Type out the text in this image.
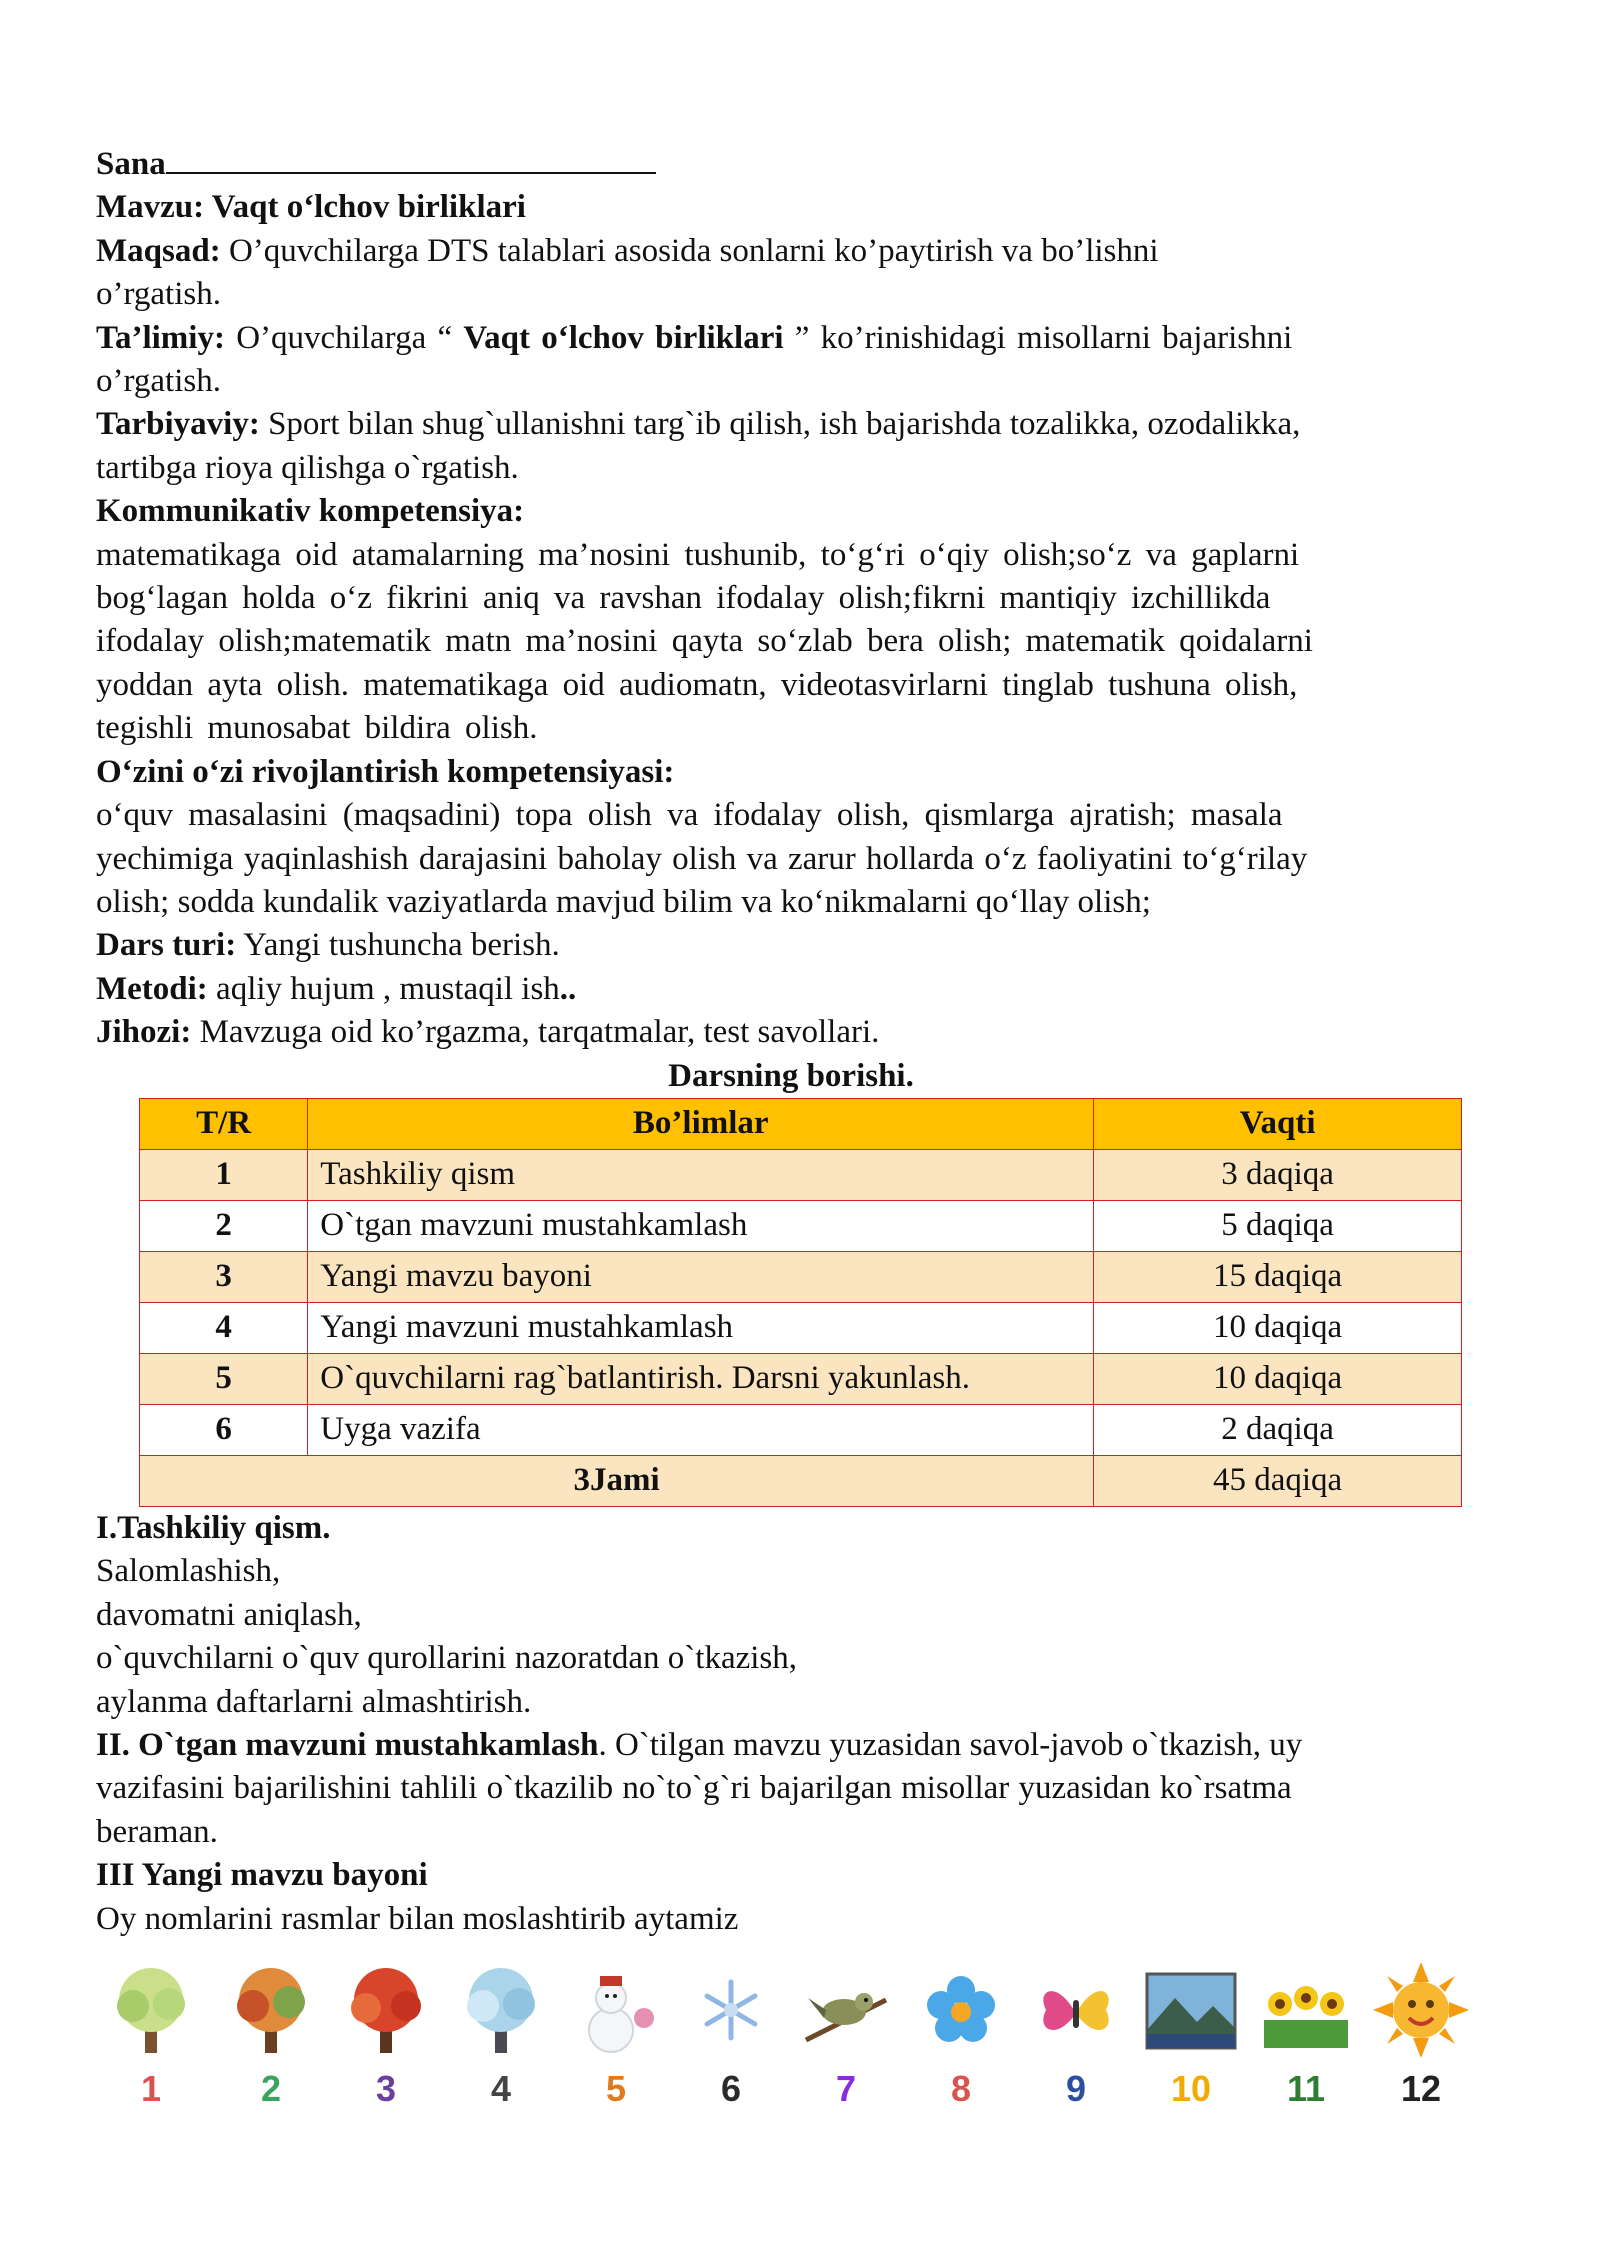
Sana
Mavzu: Vaqt o‘lchov birliklari
Maqsad: O’quvchilarga DTS talablari asosida sonlarni ko’paytirish va bo’lishni
o’rgatish.
Ta’limiy: O’quvchilarga “ Vaqt o‘lchov birliklari ” ko’rinishidagi misollarni bajarishni
o’rgatish.
Tarbiyaviy: Sport bilan shug`ullanishni targ`ib qilish, ish bajarishda tozalikka, ozodalikka,
tartibga rioya qilishga o`rgatish.
Kommunikativ kompetensiya:
matematikaga oid atamalarning ma’nosini tushunib, to‘g‘ri o‘qiy olish;so‘z va gaplarni
bog‘lagan holda o‘z fikrini aniq va ravshan ifodalay olish;fikrni mantiqiy izchillikda
ifodalay olish;matematik matn ma’nosini qayta so‘zlab bera olish; matematik qoidalarni
yoddan ayta olish. matematikaga oid audiomatn, videotasvirlarni tinglab tushuna olish,
tegishli munosabat bildira olish.
O‘zini o‘zi rivojlantirish kompetensiyasi:
o‘quv masalasini (maqsadini) topa olish va ifodalay olish, qismlarga ajratish; masala
yechimiga yaqinlashish darajasini baholay olish va zarur hollarda o‘z faoliyatini to‘g‘rilay
olish; sodda kundalik vaziyatlarda mavjud bilim va ko‘nikmalarni qo‘llay olish;
Dars turi: Yangi tushuncha berish.
Metodi: aqliy hujum , mustaqil ish..
Jihozi: Mavzuga oid ko’rgazma, tarqatmalar, test savollari.
Darsning borishi.
T/R	Bo’limlar	Vaqti
1	Tashkiliy qism	3 daqiqa
2	O`tgan mavzuni mustahkamlash	5 daqiqa
3	Yangi mavzu bayoni	15 daqiqa
4	Yangi mavzuni mustahkamlash	10 daqiqa
5	O`quvchilarni rag`batlantirish. Darsni yakunlash.	10 daqiqa
6	Uyga vazifa	2 daqiqa
3Jami		45 daqiqa
I.Tashkiliy qism.
Salomlashish,
davomatni aniqlash,
o`quvchilarni o`quv qurollarini nazoratdan o`tkazish,
aylanma daftarlarni almashtirish.
II. O`tgan mavzuni mustahkamlash. O`tilgan mavzu yuzasidan savol-javob o`tkazish, uy
vazifasini bajarilishini tahlili o`tkazilib no`to`g`ri bajarilgan misollar yuzasidan ko`rsatma
beraman.
III Yangi mavzu bayoni
Oy nomlarini rasmlar bilan moslashtirib aytamiz
1	2	3	4	5	6	7	8	9	10	11	12
